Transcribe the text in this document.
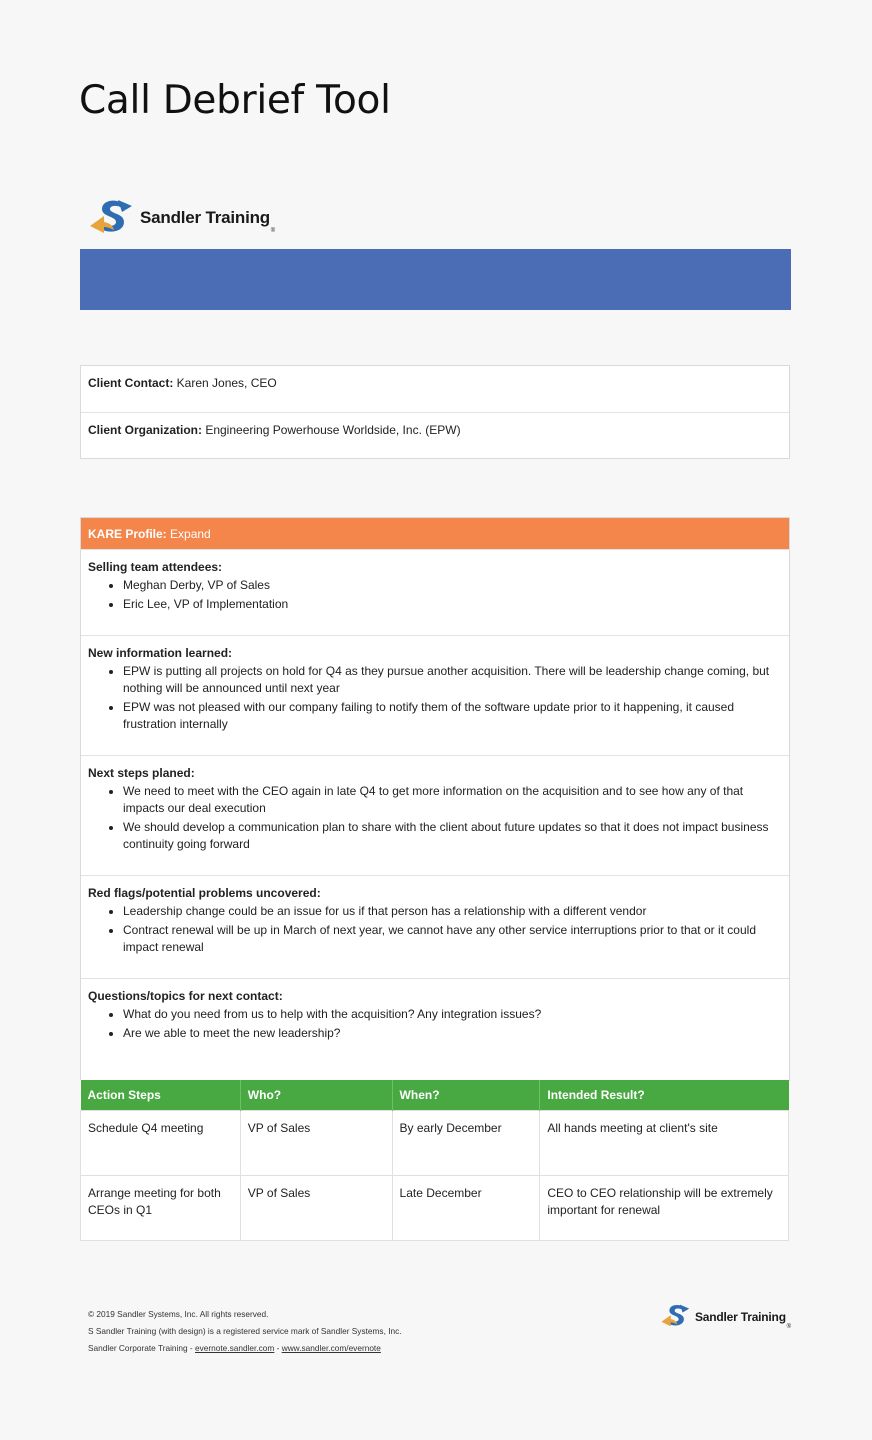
Call Debrief Tool
Sandler Training
®
Client Contact: Karen Jones, CEO
Client Organization: Engineering Powerhouse Worldside, Inc. (EPW)
KARE Profile: Expand
Selling team attendees:
• Meghan Derby, VP of Sales
• Eric Lee, VP of Implementation
New information learned:
• EPW is putting all projects on hold for Q4 as they pursue another acquisition. There will be leadership change coming, but nothing will be announced until next year
• EPW was not pleased with our company failing to notify them of the software update prior to it happening, it caused frustration internally
Next steps planed:
• We need to meet with the CEO again in late Q4 to get more information on the acquisition and to see how any of that impacts our deal execution
• We should develop a communication plan to share with the client about future updates so that it does not impact business continuity going forward
Red flags/potential problems uncovered:
• Leadership change could be an issue for us if that person has a relationship with a different vendor
• Contract renewal will be up in March of next year, we cannot have any other service interruptions prior to that or it could impact renewal
Questions/topics for next contact:
• What do you need from us to help with the acquisition? Any integration issues?
• Are we able to meet the new leadership?
Action Steps	Who?	When?	Intended Result?
Schedule Q4 meeting	VP of Sales	By early December	All hands meeting at client's site
Arrange meeting for both CEOs in Q1	VP of Sales	Late December	CEO to CEO relationship will be extremely important for renewal
© 2019 Sandler Systems, Inc. All rights reserved.
S Sandler Training (with design) is a registered service mark of Sandler Systems, Inc.
Sandler Corporate Training - evernote.sandler.com - www.sandler.com/evernote
Sandler Training
®
